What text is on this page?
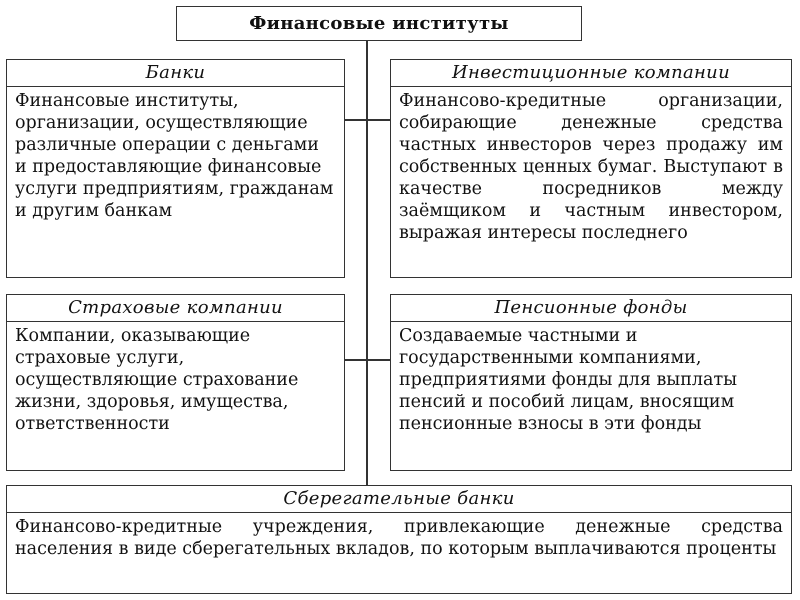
Финансовые институты
Банки
Финансовые институты, организации, осуществляющие различные операции с деньгами и предоставляющие финансовые услуги предприятиям, гражданам и другим банкам
Инвестиционные компании
Финансово-кредитные организации, собирающие денежные средства частных инвесторов через продажу им собственных ценных бумаг. Выступают в качестве посредников между заёмщиком и частным инвестором, выражая интересы последнего
Страховые компании
Компании, оказывающие страховые услуги, осуществляющие страхование жизни, здоровья, имущества, ответственности
Пенсионные фонды
Создаваемые частными и государственными компаниями, предприятиями фонды для выплаты пенсий и пособий лицам, вносящим пенсионные взносы в эти фонды
Сберегательные банки
Финансово-кредитные учреждения, привлекающие денежные средства населения в виде сберегательных вкладов, по которым выплачиваются проценты
